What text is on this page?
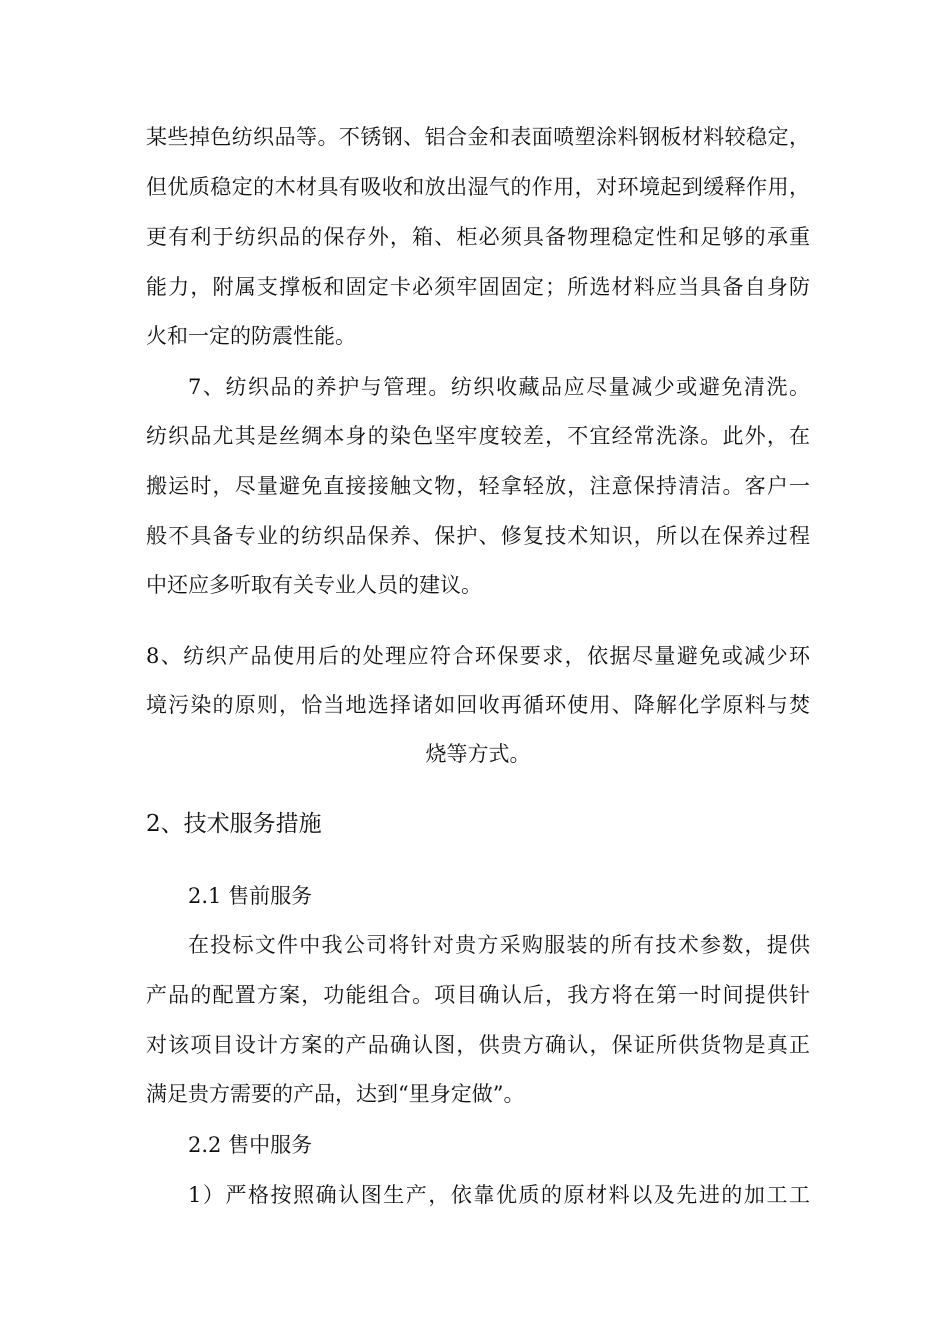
某些掉色纺织品等。不锈钢、铝合金和表面喷塑涂料钢板材料较稳定，
但优质稳定的木材具有吸收和放出湿气的作用，对环境起到缓释作用，
更有利于纺织品的保存外，箱、柜必须具备物理稳定性和足够的承重
能力，附属支撑板和固定卡必须牢固固定；所选材料应当具备自身防
火和一定的防震性能。
7、纺织品的养护与管理。纺织收藏品应尽量减少或避免清洗。
纺织品尤其是丝绸本身的染色坚牢度较差，不宜经常洗涤。此外，在
搬运时，尽量避免直接接触文物，轻拿轻放，注意保持清洁。客户一
般不具备专业的纺织品保养、保护、修复技术知识，所以在保养过程
中还应多听取有关专业人员的建议。
8、纺织产品使用后的处理应符合环保要求，依据尽量避免或减少环
境污染的原则，恰当地选择诸如回收再循环使用、降解化学原料与焚
烧等方式。
2、技术服务措施
2.1 售前服务
在投标文件中我公司将针对贵方采购服装的所有技术参数，提供
产品的配置方案，功能组合。项目确认后，我方将在第一时间提供针
对该项目设计方案的产品确认图，供贵方确认，保证所供货物是真正
满足贵方需要的产品，达到“里身定做”。
2.2 售中服务
1）严格按照确认图生产，依靠优质的原材料以及先进的加工工
